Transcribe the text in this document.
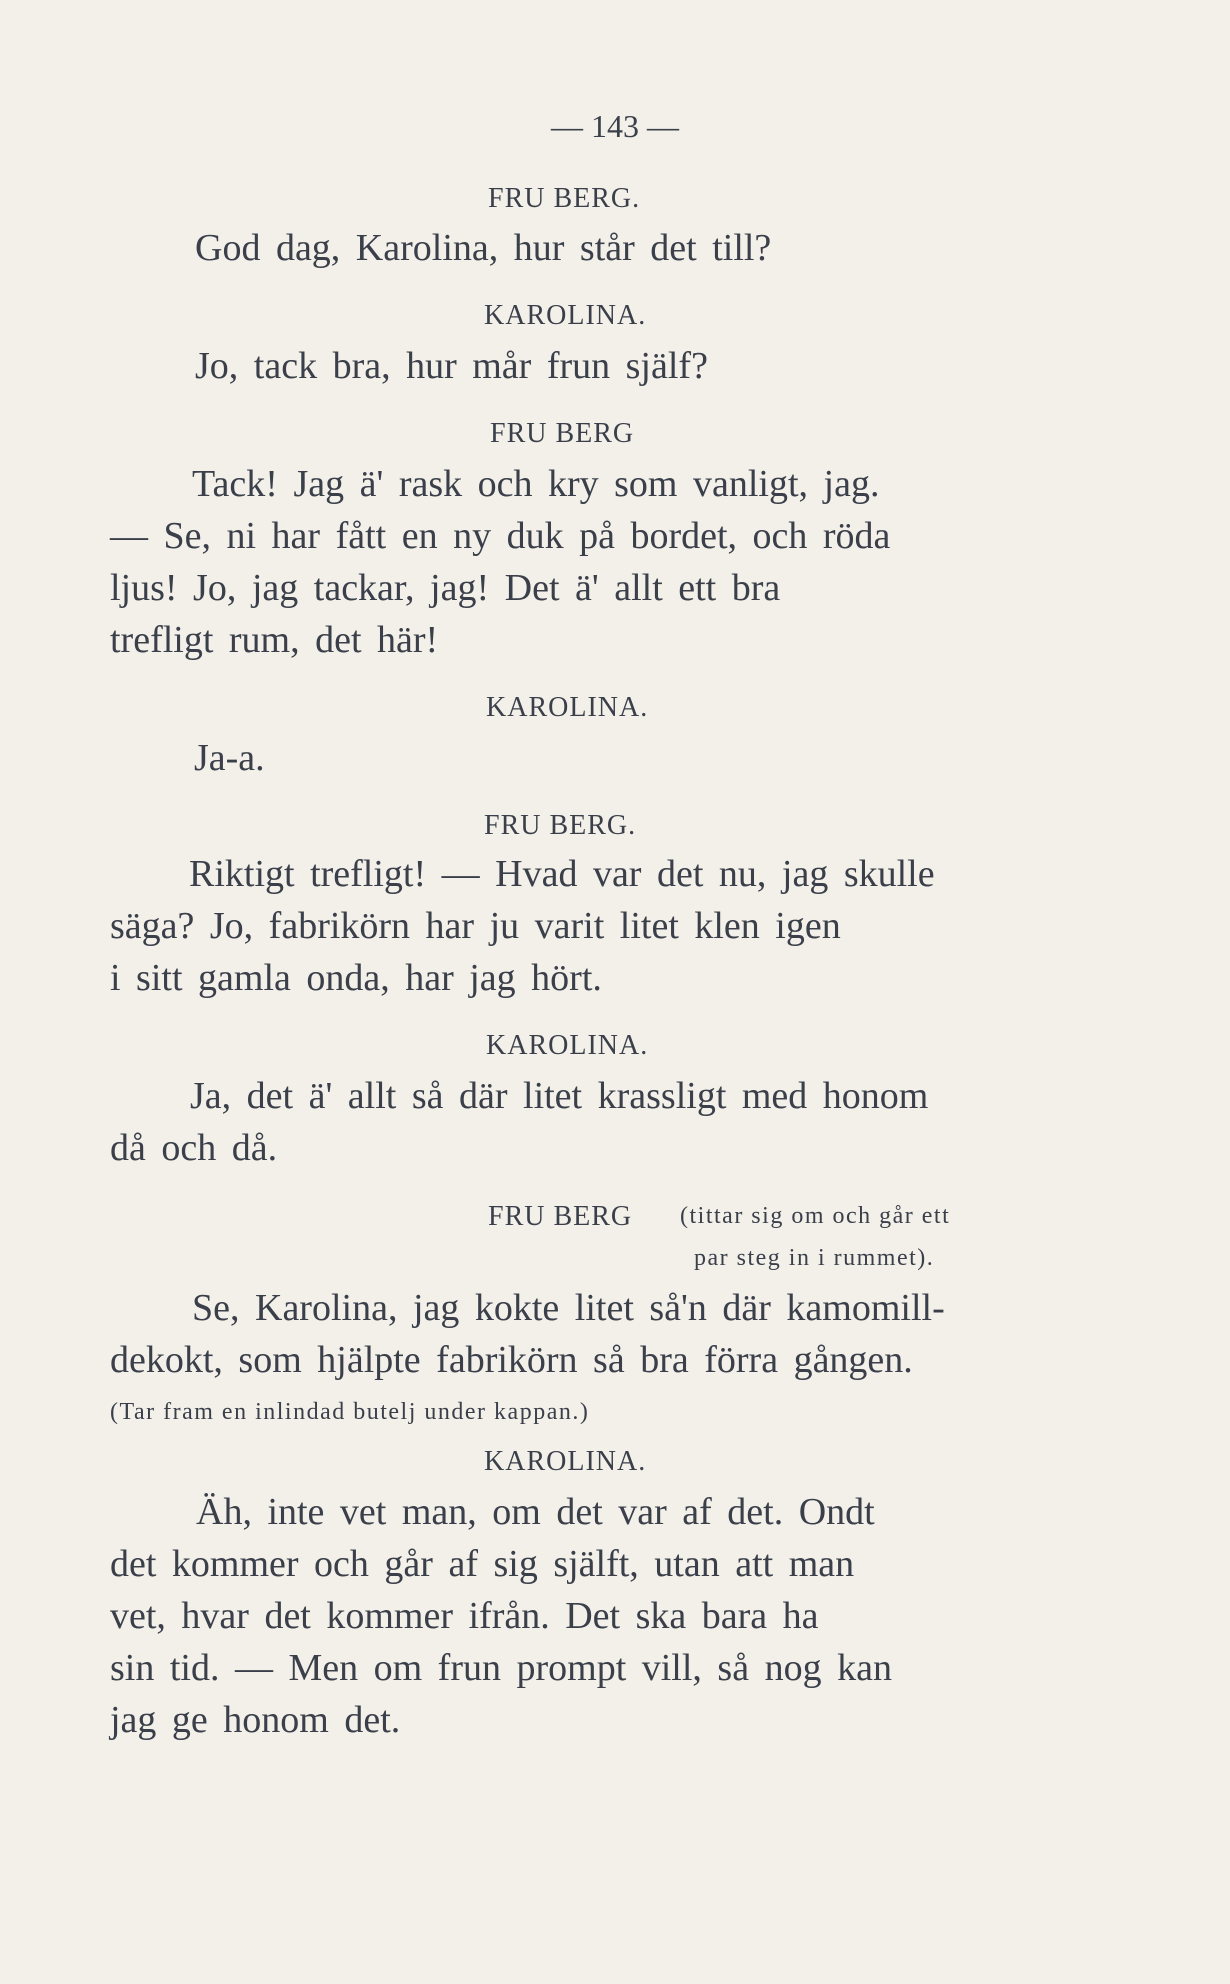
— 143 —
FRU BERG.
God dag, Karolina, hur står det till?
KAROLINA.
Jo, tack bra, hur mår frun själf?
FRU BERG
Tack! Jag ä' rask och kry som vanligt, jag.
— Se, ni har fått en ny duk på bordet, och röda
ljus! Jo, jag tackar, jag! Det ä' allt ett bra
trefligt rum, det här!
KAROLINA.
Ja-a.
FRU BERG.
Riktigt trefligt! — Hvad var det nu, jag skulle
säga? Jo, fabrikörn har ju varit litet klen igen
i sitt gamla onda, har jag hört.
KAROLINA.
Ja, det ä' allt så där litet krassligt med honom
då och då.
FRU BERG (tittar sig om och går ett
par steg in i rummet).
Se, Karolina, jag kokte litet så'n där kamomill-
dekokt, som hjälpte fabrikörn så bra förra gången.
(Tar fram en inlindad butelj under kappan.)
KAROLINA.
Äh, inte vet man, om det var af det. Ondt
det kommer och går af sig själft, utan att man
vet, hvar det kommer ifrån. Det ska bara ha
sin tid. — Men om frun prompt vill, så nog kan
jag ge honom det.
